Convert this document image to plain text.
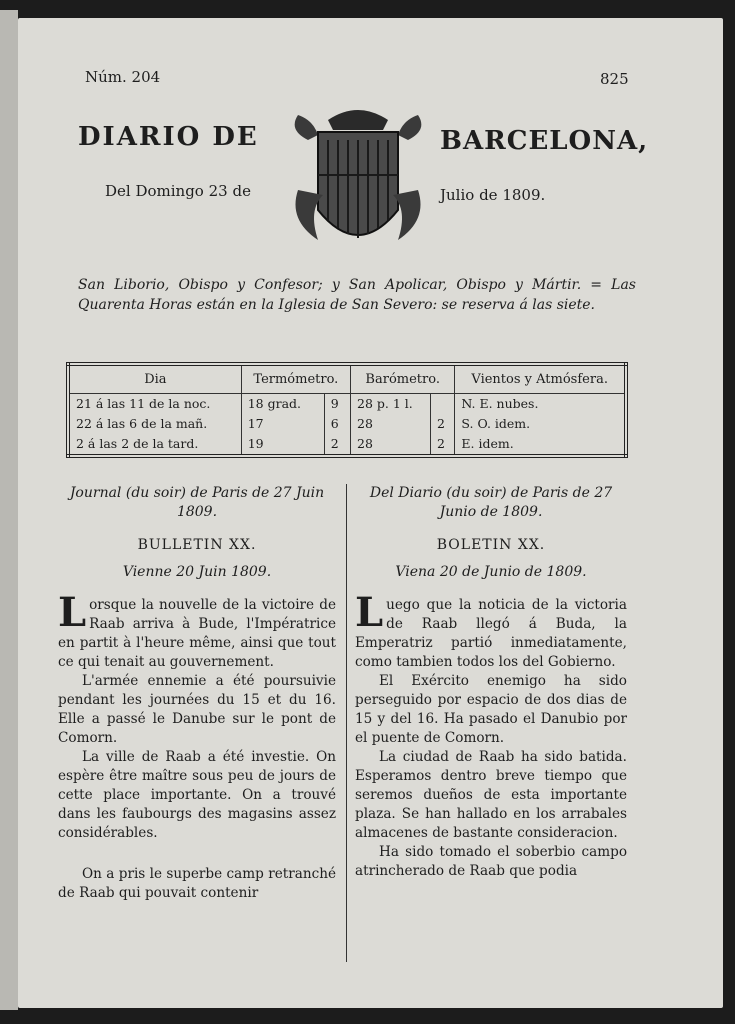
Núm. 204	825
DIARIO DE	BARCELONA,
Del Domingo 23 de	Julio de 1809.
San Liborio, Obispo y Confesor; y San Apolicar, Obispo y Mártir. = Las Quarenta Horas están en la Iglesia de San Severo: se reserva á las siete.
Dia	Termómetro.		Barómetro.		Vientos y Atmósfera.
21 á las 11 de la noc.	18 grad.	9	28 p. 1 l.		N. E. nubes.
22 á las 6 de la mañ.	17	6	28	2	S. O. idem.
2 á las 2 de la tard.	19	2	28	2	E. idem.

Journal (du soir) de Paris de 27 Juin 1809.

BULLETIN XX.
Vienne 20 Juin 1809.

Lorsque la nouvelle de la victoire de Raab arriva à Bude, l'Impératrice en partit à l'heure même, ainsi que tout ce qui tenait au gouvernement.

L'armée ennemie a été poursuivie pendant les journées du 15 et du 16. Elle a passé le Danube sur le pont de Comorn.

La ville de Raab a été investie. On espère être maître sous peu de jours de cette place importante. On a trouvé dans les faubourgs des magasins assez considérables.

On a pris le superbe camp retranché de Raab qui pouvait contenir

Del Diario (du soir) de Paris de 27 Junio de 1809.

BOLETIN XX.
Viena 20 de Junio de 1809.

Luego que la noticia de la victoria de Raab llegó á Buda, la Emperatriz partió inmediatamente, como tambien todos los del Gobierno.

El Exército enemigo ha sido perseguido por espacio de dos dias de 15 y del 16. Ha pasado el Danubio por el puente de Comorn.

La ciudad de Raab ha sido batida. Esperamos dentro breve tiempo que seremos dueños de esta importante plaza. Se han hallado en los arrabales almacenes de bastante consideracion.

Ha sido tomado el soberbio campo atrincherado de Raab que podia
